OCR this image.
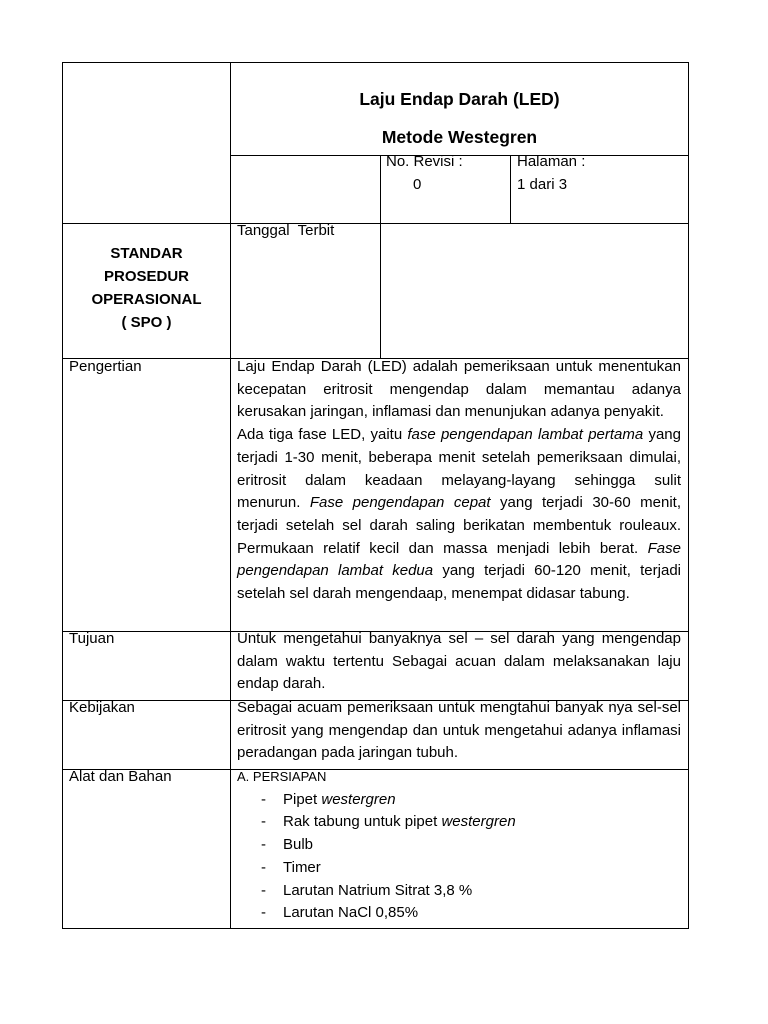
Laju Endap Darah (LED)
Metode Westegren
No. Revisi :
0
Halaman :
1 dari 3
STANDAR
PROSEDUR
OPERASIONAL
( SPO )
Tanggal  Terbit
Pengertian	Laju Endap Darah (LED) adalah pemeriksaan untuk menentukan
kecepatan eritrosit mengendap dalam memantau adanya
kerusakan jaringan, inflamasi dan menunjukan adanya penyakit.
Ada tiga fase LED, yaitu fase pengendapan lambat pertama yang
terjadi 1-30 menit, beberapa menit setelah pemeriksaan dimulai,
eritrosit dalam keadaan melayang-layang sehingga sulit
menurun. Fase pengendapan cepat yang terjadi 30-60 menit,
terjadi setelah sel darah saling berikatan membentuk rouleaux.
Permukaan relatif kecil dan massa menjadi lebih berat. Fase
pengendapan lambat kedua yang terjadi 60-120 menit, terjadi
setelah sel darah mengendaap, menempat didasar tabung.
Tujuan	Untuk mengetahui banyaknya sel – sel darah yang mengendap
dalam waktu tertentu Sebagai acuan dalam melaksanakan laju
endap darah.
Kebijakan	Sebagai acuam pemeriksaan untuk mengtahui banyak nya sel-sel
eritrosit yang mengendap dan untuk mengetahui adanya inflamasi
peradangan pada jaringan tubuh.
Alat dan Bahan	A. PERSIAPAN
- Pipet westergren
- Rak tabung untuk pipet westergren
- Bulb
- Timer
- Larutan Natrium Sitrat 3,8 %
- Larutan NaCl 0,85%
